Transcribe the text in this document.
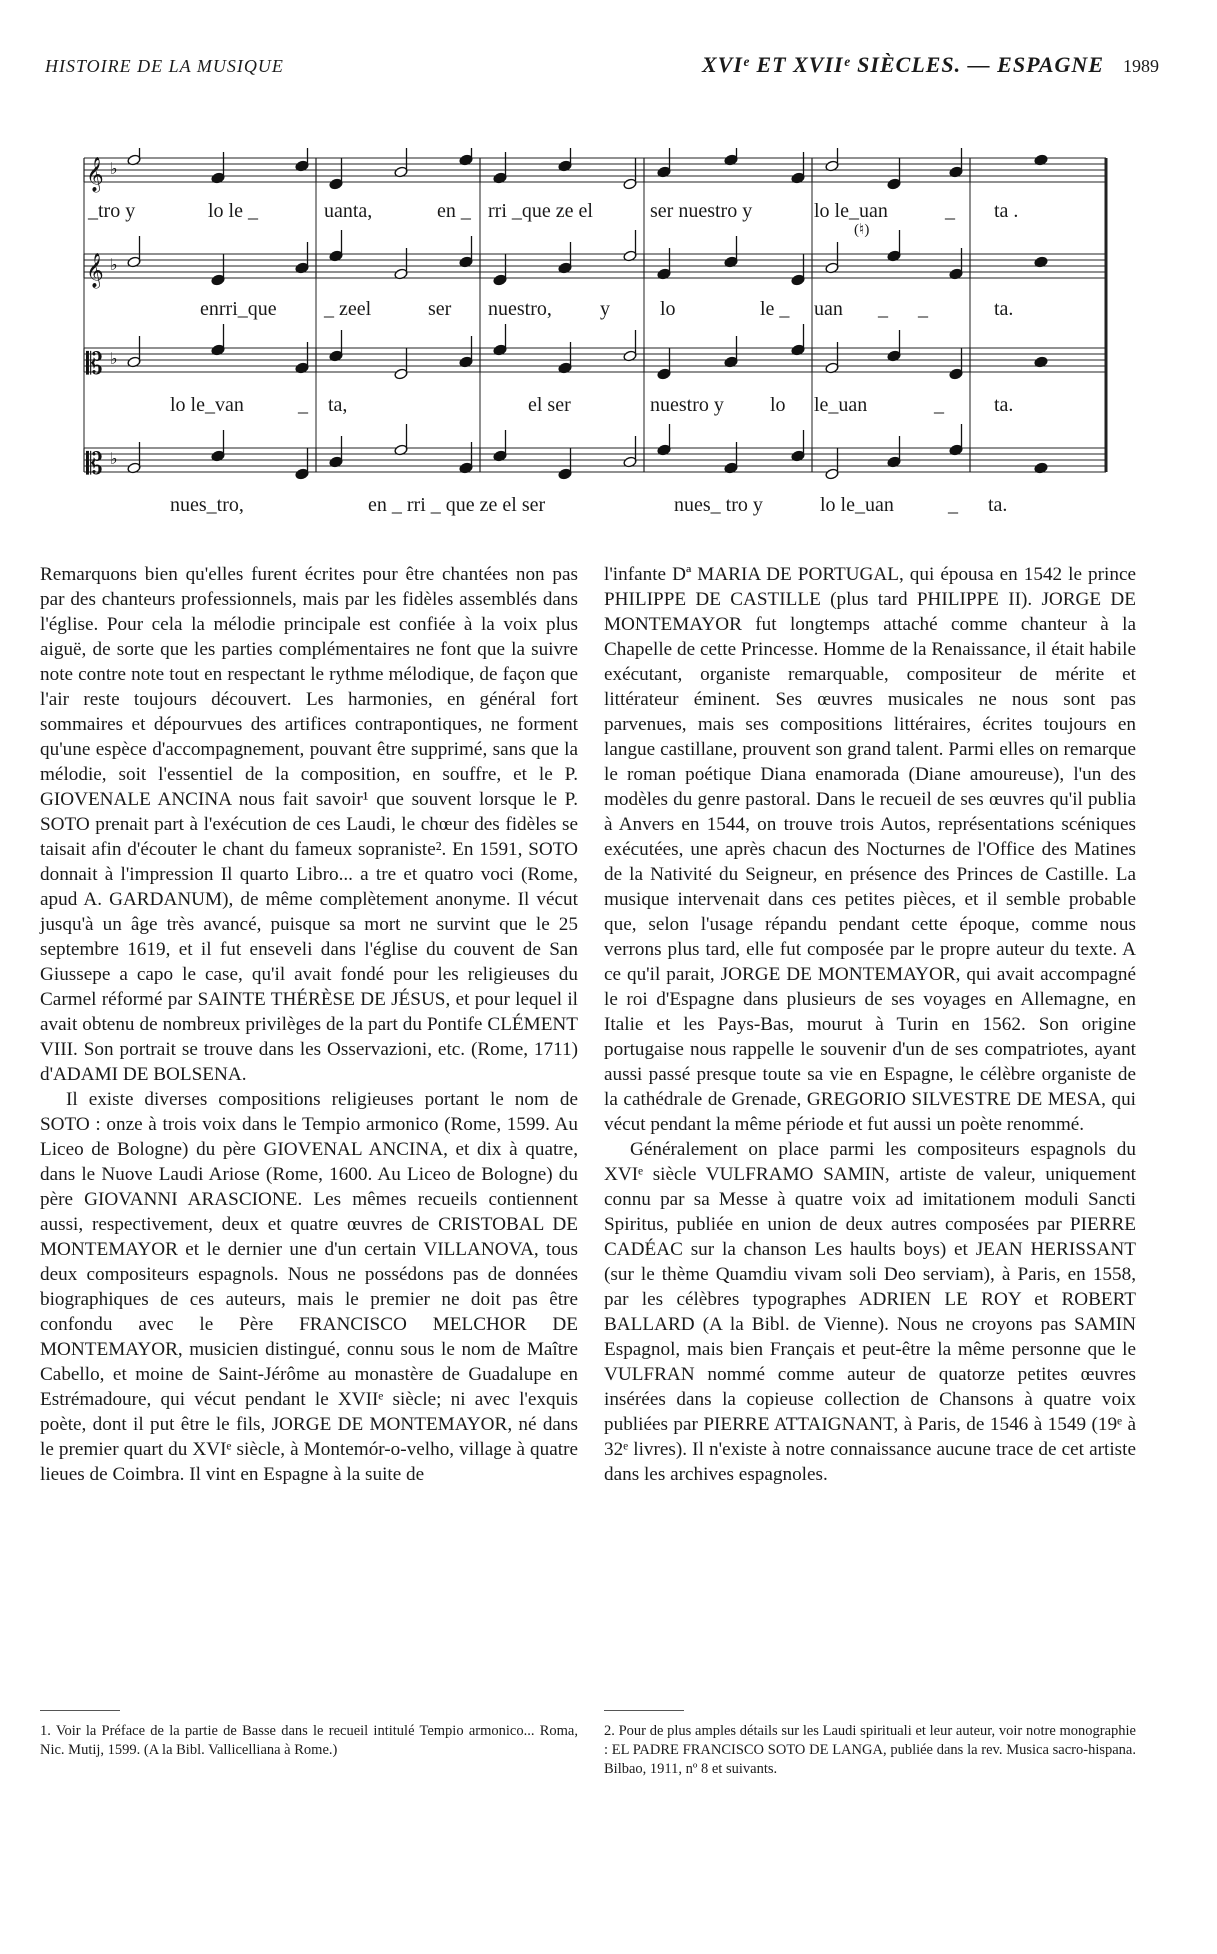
HISTOIRE DE LA MUSIQUE	XVIᵉ ET XVIIᵉ SIÈCLES. — ESPAGNE 1989
𝄞 ♭
𝄞 ♭
𝄡 ♭
𝄡 ♭
_tro y	lo le _	uanta,	en _ rri _que ze el	ser nuestro y	lo le_uan	_ ta .
(♮)
enrri_que _ zeel	ser nuestro, y	lo	le _ uan _ _	ta.
lo le_van	_ ta,	el ser	nuestro y lo le_uan	_	ta.
nues_tro,	en _ rri _ que ze el ser	nues_ tro y	lo le_uan	_ ta.

Remarquons bien qu'elles furent écrites pour être chantées non pas par des chanteurs professionnels, mais par les fidèles assemblés dans l'église. Pour cela la mélodie principale est confiée à la voix plus aiguë, de sorte que les parties complémentaires ne font que la suivre note contre note tout en respectant le rythme mélodique, de façon que l'air reste toujours découvert. Les harmonies, en général fort sommaires et dépourvues des artifices contrapontiques, ne forment qu'une espèce d'accompagnement, pouvant être supprimé, sans que la mélodie, soit l'essentiel de la composition, en souffre, et le P. GIOVENALE ANCINA nous fait savoir¹ que souvent lorsque le P. SOTO prenait part à l'exécution de ces Laudi, le chœur des fidèles se taisait afin d'écouter le chant du fameux sopraniste². En 1591, SOTO donnait à l'impression Il quarto Libro... a tre et quatro voci (Rome, apud A. GARDANUM), de même complètement anonyme. Il vécut jusqu'à un âge très avancé, puisque sa mort ne survint que le 25 septembre 1619, et il fut enseveli dans l'église du couvent de San Giussepe a capo le case, qu'il avait fondé pour les religieuses du Carmel réformé par SAINTE THÉRÈSE DE JÉSUS, et pour lequel il avait obtenu de nombreux privilèges de la part du Pontife CLÉMENT VIII. Son portrait se trouve dans les Osservazioni, etc. (Rome, 1711) d'ADAMI DE BOLSENA.

Il existe diverses compositions religieuses portant le nom de SOTO : onze à trois voix dans le Tempio armonico (Rome, 1599. Au Liceo de Bologne) du père GIOVENAL ANCINA, et dix à quatre, dans le Nuove Laudi Ariose (Rome, 1600. Au Liceo de Bologne) du père GIOVANNI ARASCIONE. Les mêmes recueils contiennent aussi, respectivement, deux et quatre œuvres de CRISTOBAL DE MONTEMAYOR et le dernier une d'un certain VILLANOVA, tous deux compositeurs espagnols. Nous ne possédons pas de données biographiques de ces auteurs, mais le premier ne doit pas être confondu avec le Père FRANCISCO MELCHOR DE MONTEMAYOR, musicien distingué, connu sous le nom de Maître Cabello, et moine de Saint-Jérôme au monastère de Guadalupe en Estrémadoure, qui vécut pendant le XVIIᵉ siècle; ni avec l'exquis poète, dont il put être le fils, JORGE DE MONTEMAYOR, né dans le premier quart du XVIᵉ siècle, à Montemór-o-velho, village à quatre lieues de Coimbra. Il vint en Espagne à la suite de

l'infante Dª MARIA DE PORTUGAL, qui épousa en 1542 le prince PHILIPPE DE CASTILLE (plus tard PHILIPPE II). JORGE DE MONTEMAYOR fut longtemps attaché comme chanteur à la Chapelle de cette Princesse. Homme de la Renaissance, il était habile exécutant, organiste remarquable, compositeur de mérite et littérateur éminent. Ses œuvres musicales ne nous sont pas parvenues, mais ses compositions littéraires, écrites toujours en langue castillane, prouvent son grand talent. Parmi elles on remarque le roman poétique Diana enamorada (Diane amoureuse), l'un des modèles du genre pastoral. Dans le recueil de ses œuvres qu'il publia à Anvers en 1544, on trouve trois Autos, représentations scéniques exécutées, une après chacun des Nocturnes de l'Office des Matines de la Nativité du Seigneur, en présence des Princes de Castille. La musique intervenait dans ces petites pièces, et il semble probable que, selon l'usage répandu pendant cette époque, comme nous verrons plus tard, elle fut composée par le propre auteur du texte. A ce qu'il parait, JORGE DE MONTEMAYOR, qui avait accompagné le roi d'Espagne dans plusieurs de ses voyages en Allemagne, en Italie et les Pays-Bas, mourut à Turin en 1562. Son origine portugaise nous rappelle le souvenir d'un de ses compatriotes, ayant aussi passé presque toute sa vie en Espagne, le célèbre organiste de la cathédrale de Grenade, GREGORIO SILVESTRE DE MESA, qui vécut pendant la même période et fut aussi un poète renommé.

Généralement on place parmi les compositeurs espagnols du XVIᵉ siècle VULFRAMO SAMIN, artiste de valeur, uniquement connu par sa Messe à quatre voix ad imitationem moduli Sancti Spiritus, publiée en union de deux autres composées par PIERRE CADÉAC sur la chanson Les haults boys) et JEAN HERISSANT (sur le thème Quamdiu vivam soli Deo serviam), à Paris, en 1558, par les célèbres typographes ADRIEN LE ROY et ROBERT BALLARD (A la Bibl. de Vienne). Nous ne croyons pas SAMIN Espagnol, mais bien Français et peut-être la même personne que le VULFRAN nommé comme auteur de quatorze petites œuvres insérées dans la copieuse collection de Chansons à quatre voix publiées par PIERRE ATTAIGNANT, à Paris, de 1546 à 1549 (19ᵉ à 32ᵉ livres). Il n'existe à notre connaissance aucune trace de cet artiste dans les archives espagnoles.

1. Voir la Préface de la partie de Basse dans le recueil intitulé Tempio armonico... Roma, Nic. Mutij, 1599. (A la Bibl. Vallicelliana à Rome.)
2. Pour de plus amples détails sur les Laudi spirituali et leur auteur, voir notre monographie : EL PADRE FRANCISCO SOTO DE LANGA, publiée dans la rev. Musica sacro-hispana. Bilbao, 1911, nº 8 et suivants.
